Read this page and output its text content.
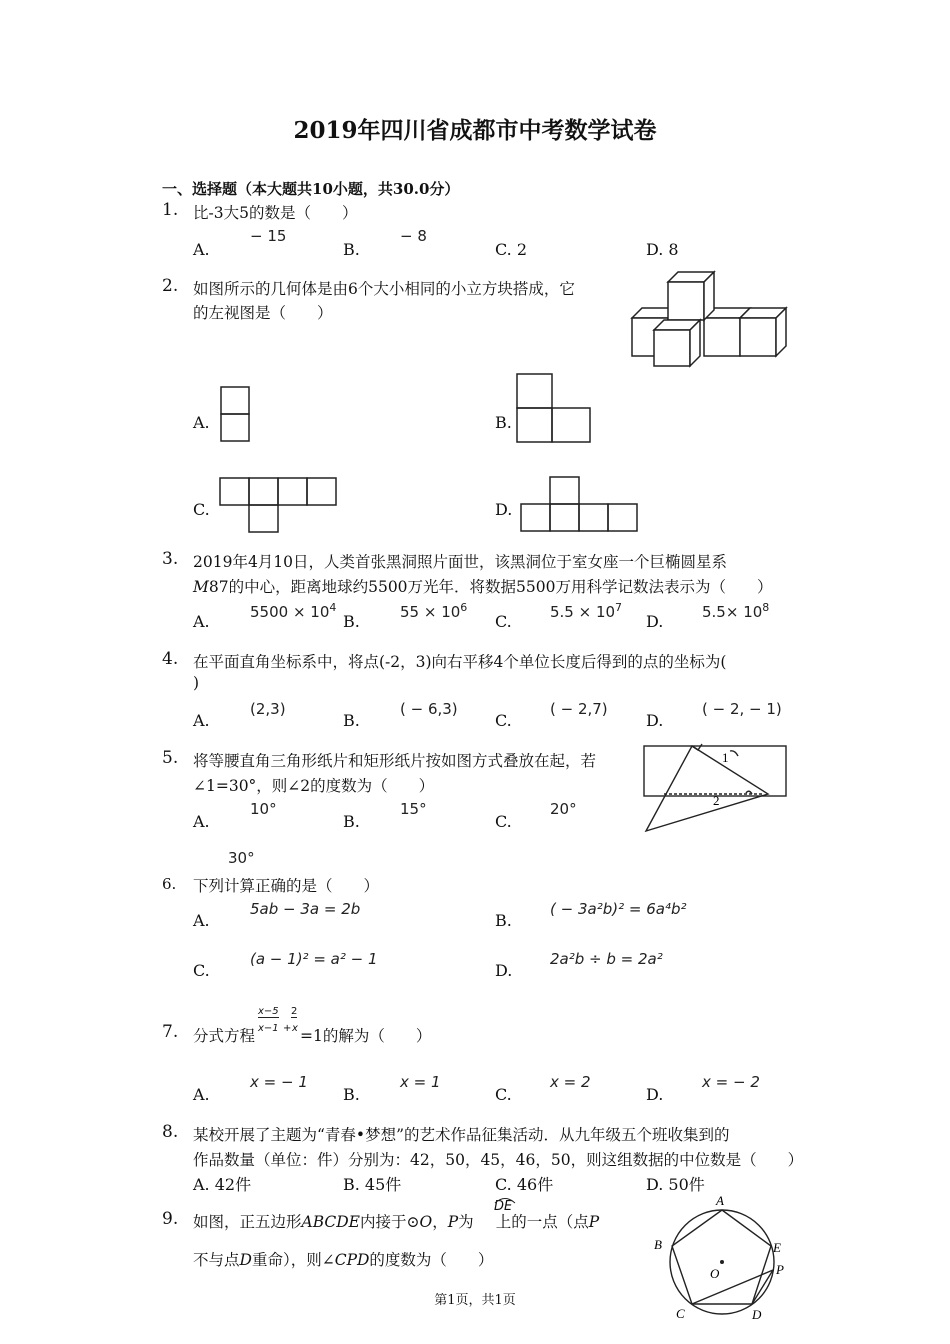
2019年四川省成都市中考数学试卷
一、选择题（本大题共10小题，共30.0分）
1. 比-3大5的数是（　　）
A.
− 15
B.
− 8
C. 2	D. 8
2. 如图所示的几何体是由6个大小相同的小立方块搭成，它
的左视图是（　　）
A.	B.
C.	D.
3. 2019年4月10日，人类首张黑洞照片面世，该黑洞位于室女座一个巨椭圆星系
M87的中心，距离地球约5500万光年．将数据5500万用科学记数法表示为（　　）
A.	$5500 \times 10^4$
B.	$55 \times 10^6$
C.	$5.5 \times 10^7$
D.	$5.5\times 10^8$
4. 在平面直角坐标系中，将点(-2，3)向右平移4个单位长度后得到的点的坐标为(
)
A.
(2,3)
B.
( − 6,3)
C.
( − 2,7)
D.
( − 2, − 1)
5. 将等腰直角三角形纸片和矩形纸片按如图方式叠放在起，若
∠1=30°，则∠2的度数为（　　）
A.
10°
B.
15°
C.
20°
30°
1
2
6. 下列计算正确的是（　　）
A.
5ab − 3a = 2b
B.
( − 3a²b)² = 6a⁴b²
C.
(a − 1)² = a² − 1
D.
2a²b ÷ b = 2a²
7. 分式方程
x−5
x−1 +
2
x =1的解为（　　）
A.
x = − 1
B.
x = 1
C.
x = 2
D.
x = − 2
8. 某校开展了主题为“青春•梦想”的艺术作品征集活动．从九年级五个班收集到的
作品数量（单位：件）分别为：42，50，45，46，50，则这组数据的中位数是（　　）
A. 42件	B. 45件	C. 46件	D. 50件
9. 如图，正五边形ABCDE内接于⊙O，P为 上的一点（点P
DE
不与点D重命），则∠CPD的度数为（　　）
A
B
C	D
E
P
O
第1页，共1页
